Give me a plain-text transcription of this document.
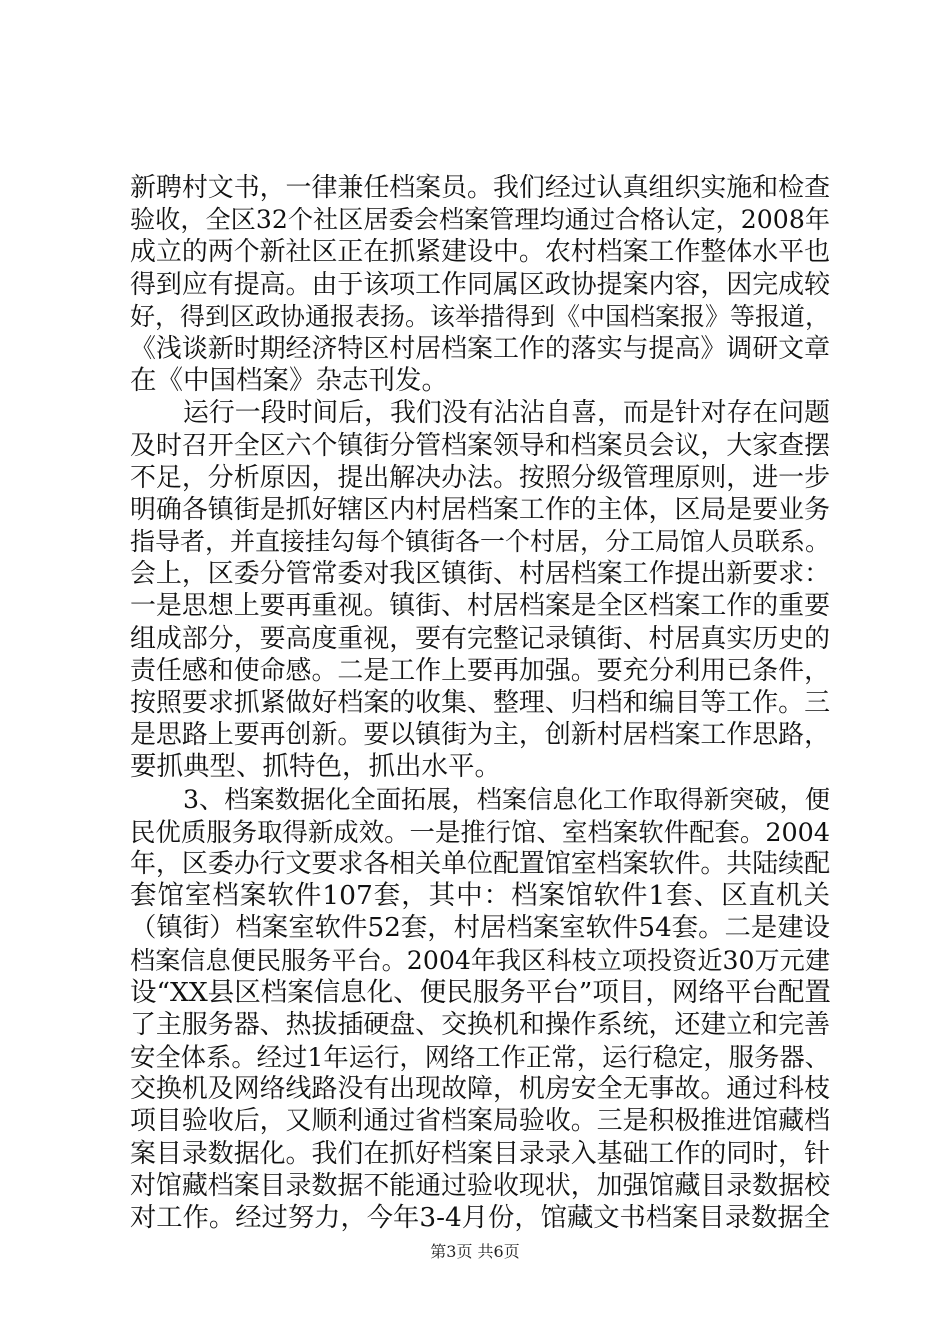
新聘村文书，一律兼任档案员。我们经过认真组织实施和检查
验收，全区32个社区居委会档案管理均通过合格认定，2008年
成立的两个新社区正在抓紧建设中。农村档案工作整体水平也
得到应有提高。由于该项工作同属区政协提案内容，因完成较
好，得到区政协通报表扬。该举措得到《中国档案报》等报道，
《浅谈新时期经济特区村居档案工作的落实与提高》调研文章
在《中国档案》杂志刊发。
运行一段时间后，我们没有沾沾自喜，而是针对存在问题
及时召开全区六个镇街分管档案领导和档案员会议，大家查摆
不足，分析原因，提出解决办法。按照分级管理原则，进一步
明确各镇街是抓好辖区内村居档案工作的主体，区局是要业务
指导者，并直接挂勾每个镇街各一个村居，分工局馆人员联系。
会上，区委分管常委对我区镇街、村居档案工作提出新要求：
一是思想上要再重视。镇街、村居档案是全区档案工作的重要
组成部分，要高度重视，要有完整记录镇街、村居真实历史的
责任感和使命感。二是工作上要再加强。要充分利用已条件，
按照要求抓紧做好档案的收集、整理、归档和编目等工作。三
是思路上要再创新。要以镇街为主，创新村居档案工作思路，
要抓典型、抓特色，抓出水平。
3、档案数据化全面拓展，档案信息化工作取得新突破，便
民优质服务取得新成效。一是推行馆、室档案软件配套。2004
年，区委办行文要求各相关单位配置馆室档案软件。共陆续配
套馆室档案软件107套，其中：档案馆软件1套、区直机关
（镇街）档案室软件52套，村居档案室软件54套。二是建设
档案信息便民服务平台。2004年我区科枝立项投资近30万元建
设“XX县区档案信息化、便民服务平台”项目，网络平台配置
了主服务器、热拔插硬盘、交换机和操作系统，还建立和完善
安全体系。经过1年运行，网络工作正常，运行稳定，服务器、
交换机及网络线路没有出现故障，机房安全无事故。通过科枝
项目验收后，又顺利通过省档案局验收。三是积极推进馆藏档
案目录数据化。我们在抓好档案目录录入基础工作的同时，针
对馆藏档案目录数据不能通过验收现状，加强馆藏目录数据校
对工作。经过努力，今年3-4月份，馆藏文书档案目录数据全
第3页 共6页
